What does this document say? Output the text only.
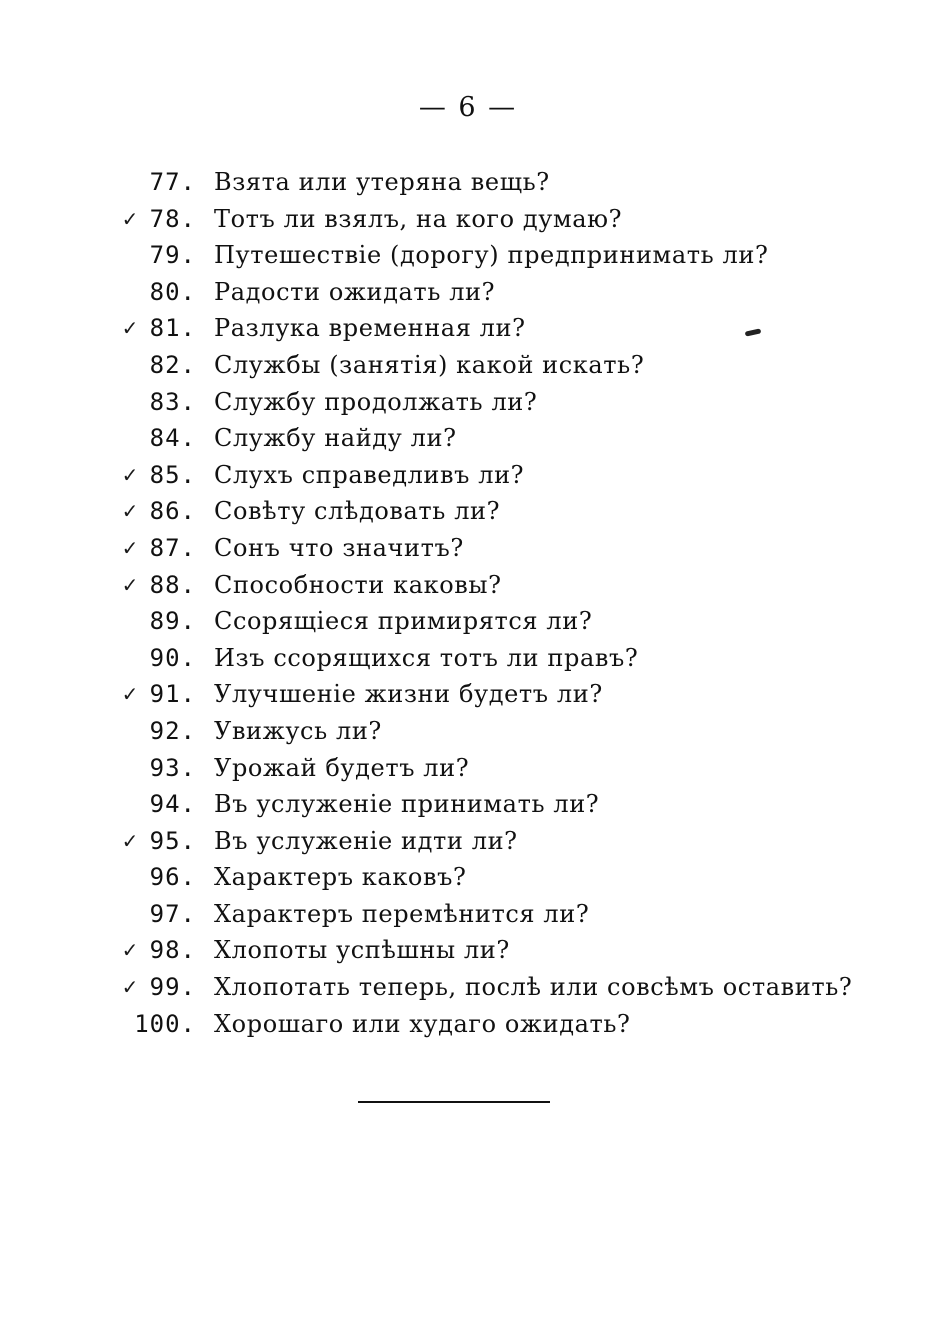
— 6 —
77. Взята или утеряна вещь?
✓ 78. Тотъ ли взялъ, на кого думаю?
79. Путешествіе (дорогу) предпринимать ли?
80. Радости ожидать ли?
✓ 81. Разлука временная ли?
82. Службы (занятія) какой искать?
83. Службу продолжать ли?
84. Службу найду ли?
✓ 85. Слухъ справедливъ ли?
✓ 86. Совѣту слѣдовать ли?
✓ 87. Сонъ что значитъ?
✓ 88. Способности каковы?
89. Ссорящіеся примирятся ли?
90. Изъ ссорящихся тотъ ли правъ?
✓ 91. Улучшеніе жизни будетъ ли?
92. Увижусь ли?
93. Урожай будетъ ли?
94. Въ услуженіе принимать ли?
✓ 95. Въ услуженіе идти ли?
96. Характеръ каковъ?
97. Характеръ перемѣнится ли?
✓ 98. Хлопоты успѣшны ли?
✓ 99. Хлопотать теперь, послѣ или совсѣмъ оставить?
100. Хорошаго или худаго ожидать?
